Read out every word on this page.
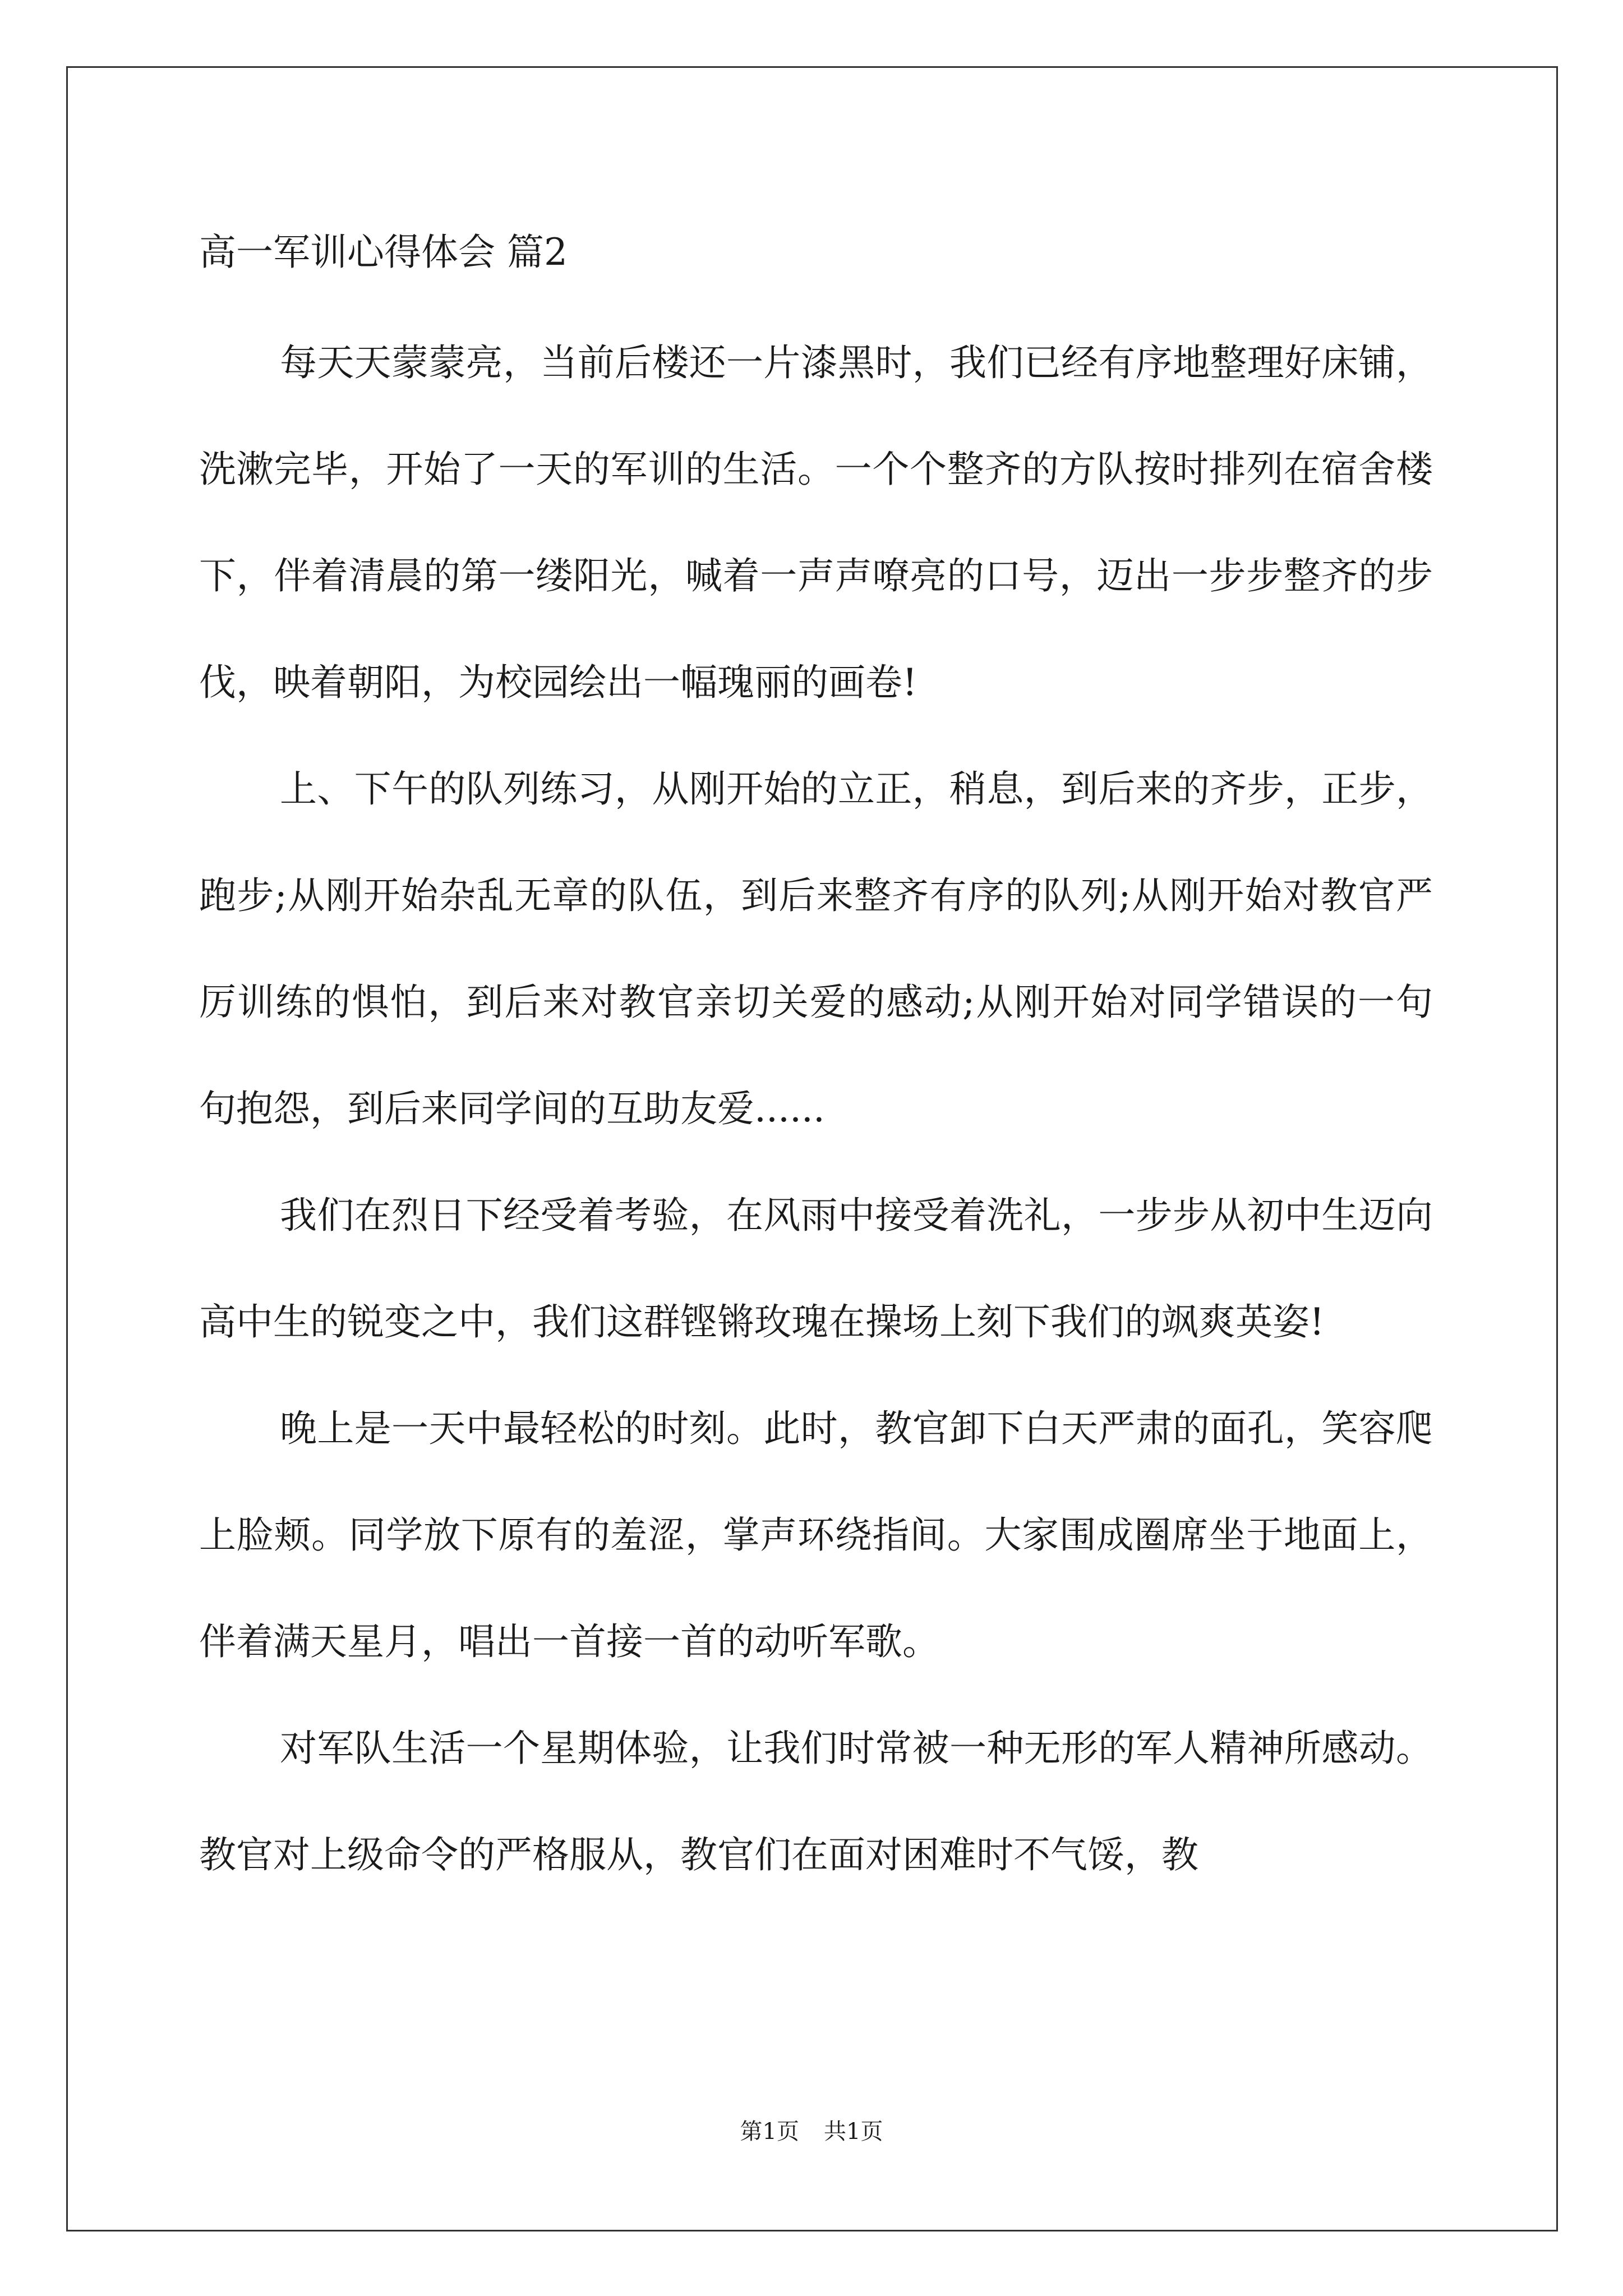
高一军训心得体会 篇2

每天天蒙蒙亮，当前后楼还一片漆黑时，我们已经有序地整理好床铺，洗漱完毕，开始了一天的军训的生活。一个个整齐的方队按时排列在宿舍楼下，伴着清晨的第一缕阳光，喊着一声声嘹亮的口号，迈出一步步整齐的步伐，映着朝阳，为校园绘出一幅瑰丽的画卷!

上、下午的队列练习，从刚开始的立正，稍息，到后来的齐步，正步，跑步;从刚开始杂乱无章的队伍，到后来整齐有序的队列;从刚开始对教官严厉训练的惧怕，到后来对教官亲切关爱的感动;从刚开始对同学错误的一句句抱怨，到后来同学间的互助友爱......

我们在烈日下经受着考验，在风雨中接受着洗礼，一步步从初中生迈向高中生的锐变之中，我们这群铿锵玫瑰在操场上刻下我们的飒爽英姿!

晚上是一天中最轻松的时刻。此时，教官卸下白天严肃的面孔，笑容爬上脸颊。同学放下原有的羞涩，掌声环绕指间。大家围成圈席坐于地面上，伴着满天星月，唱出一首接一首的动听军歌。

对军队生活一个星期体验，让我们时常被一种无形的军人精神所感动。教官对上级命令的严格服从，教官们在面对困难时不气馁，教

第1页 共1页
